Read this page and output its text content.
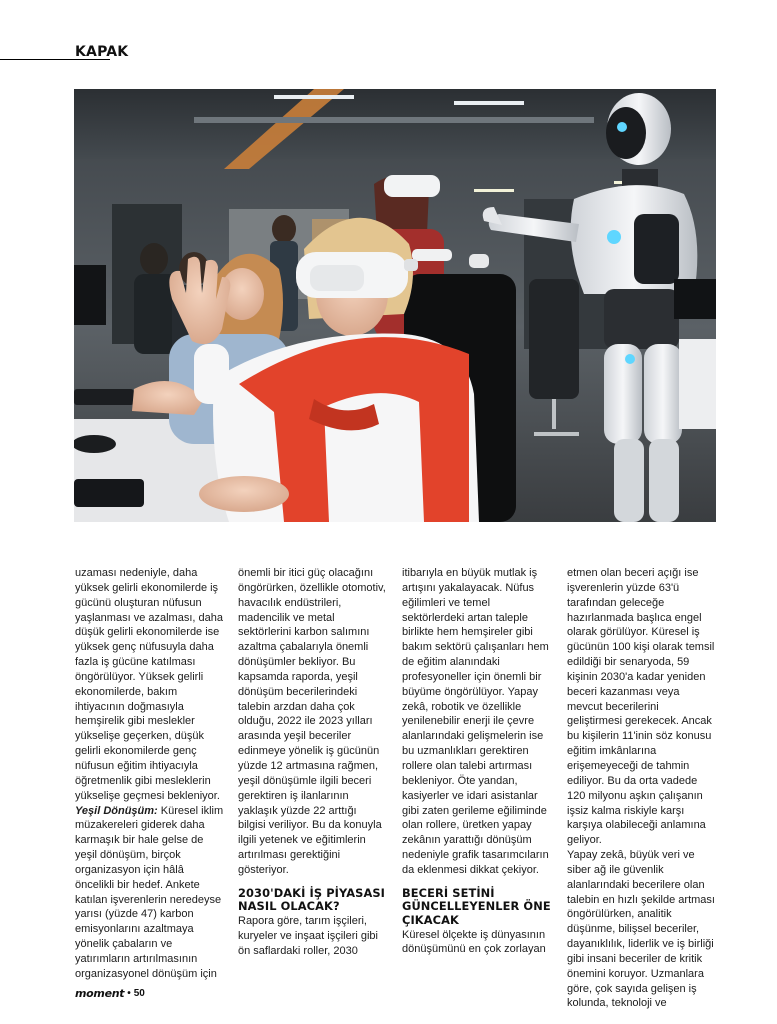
KAPAK

uzaması nedeniyle, daha yüksek gelirli ekonomilerde iş gücünü oluşturan nüfusun yaşlanması ve azalması, daha düşük gelirli ekonomilerde ise yüksek genç nüfusuyla daha fazla iş gücüne katılması öngörülüyor. Yüksek gelirli ekonomilerde, bakım ihtiyacının doğmasıyla hemşirelik gibi meslekler yükselişe geçerken, düşük gelirli ekonomilerde genç nüfusun eğitim ihtiyacıyla öğretmenlik gibi mesleklerin yükselişe geçmesi bekleniyor.

Yeşil Dönüşüm: Küresel iklim müzakereleri giderek daha karmaşık bir hale gelse de yeşil dönüşüm, birçok organizasyon için hâlâ öncelikli bir hedef. Ankete katılan işverenlerin neredeyse yarısı (yüzde 47) karbon emisyonlarını azaltmaya yönelik çabaların ve yatırımların artırılmasının organizasyonel dönüşüm için

önemli bir itici güç olacağını öngörürken, özellikle otomotiv, havacılık endüstrileri, madencilik ve metal sektörlerini karbon salımını azaltma çabalarıyla önemli dönüşümler bekliyor. Bu kapsamda raporda, yeşil dönüşüm becerilerindeki talebin arzdan daha çok olduğu, 2022 ile 2023 yılları arasında yeşil beceriler edinmeye yönelik iş gücünün yüzde 12 artmasına rağmen, yeşil dönüşümle ilgili beceri gerektiren iş ilanlarının yaklaşık yüzde 22 arttığı bilgisi veriliyor. Bu da konuyla ilgili yetenek ve eğitimlerin artırılması gerektiğini gösteriyor.

2030'DAKİ İŞ PİYASASI NASIL OLACAK?

Rapora göre, tarım işçileri, kuryeler ve inşaat işçileri gibi ön saflardaki roller, 2030

itibarıyla en büyük mutlak iş artışını yakalayacak. Nüfus eğilimleri ve temel sektörlerdeki artan taleple birlikte hem hemşireler gibi bakım sektörü çalışanları hem de eğitim alanındaki profesyoneller için önemli bir büyüme öngörülüyor. Yapay zekâ, robotik ve özellikle yenilenebilir enerji ile çevre alanlarındaki gelişmelerin ise bu uzmanlıkları gerektiren rollere olan talebi artırması bekleniyor. Öte yandan, kasiyerler ve idari asistanlar gibi zaten gerileme eğiliminde olan rollere, üretken yapay zekânın yarattığı dönüşüm nedeniyle grafik tasarımcıların da eklenmesi dikkat çekiyor.

BECERİ SETİNİ GÜNCELLEYENLER ÖNE ÇIKACAK

Küresel ölçekte iş dünyasının dönüşümünü en çok zorlayan

etmen olan beceri açığı ise işverenlerin yüzde 63'ü tarafından geleceğe hazırlanmada başlıca engel olarak görülüyor. Küresel iş gücünün 100 kişi olarak temsil edildiği bir senaryoda, 59 kişinin 2030'a kadar yeniden beceri kazanması veya mevcut becerilerini geliştirmesi gerekecek. Ancak bu kişilerin 11'inin söz konusu eğitim imkânlarına erişemeyeceği de tahmin ediliyor. Bu da orta vadede 120 milyonu aşkın çalışanın işsiz kalma riskiyle karşı karşıya olabileceği anlamına geliyor.

Yapay zekâ, büyük veri ve siber ağ ile güvenlik alanlarındaki becerilere olan talebin en hızlı şekilde artması öngörülürken, analitik düşünme, bilişsel beceriler, dayanıklılık, liderlik ve iş birliği gibi insani beceriler de kritik önemini koruyor. Uzmanlara göre, çok sayıda gelişen iş kolunda, teknoloji ve

moment • 50
